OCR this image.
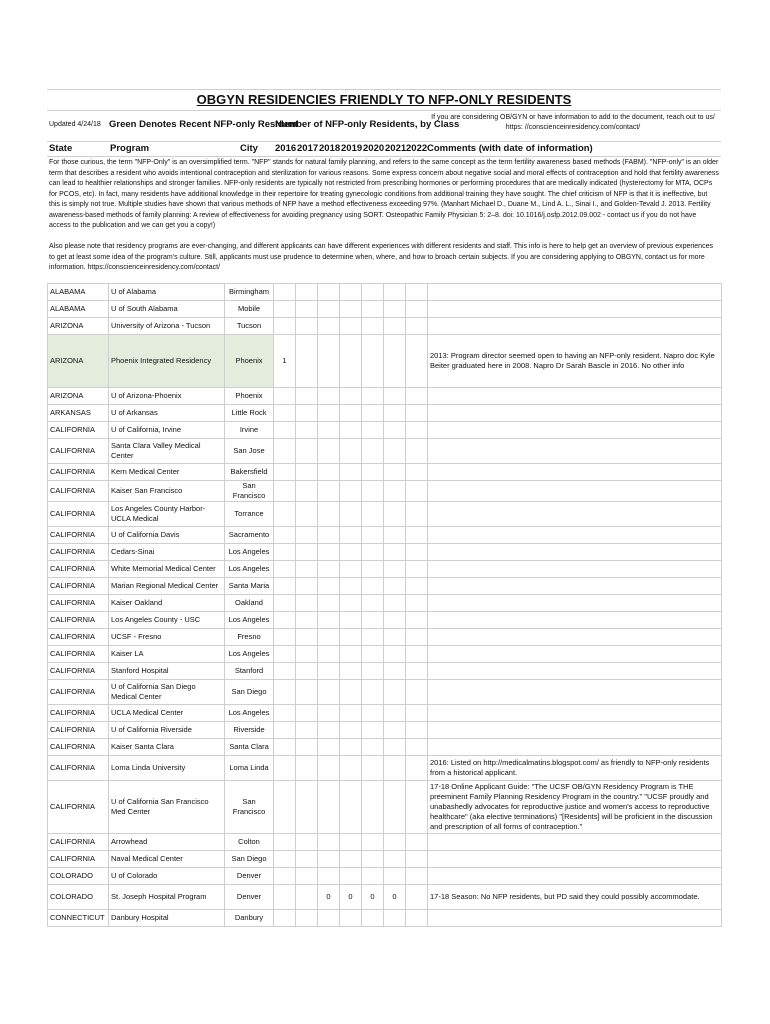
OBGYN RESIDENCIES FRIENDLY TO NFP-ONLY RESIDENTS
Updated 4/24/18 Green Denotes Recent NFP-only Resident
Number of NFP-only Residents, by Class
If you are considering OB/GYN or have information to add to the document, reach out to us/ https: //conscienceinresidency.com/contact/
State	Program	City 2016 2017 2018 2019 2020 2021 2022 Comments (with date of information)
For those curious, the term "NFP-Only" is an oversimplified term. "NFP" stands for natural family planning, and refers to the same concept as the term fertility awareness based methods (FABM). "NFP-only" is an older term that describes a resident who avoids intentional contraception and sterilization for various reasons. Some express concern about negative social and moral effects of contraception and hold that fertility awareness can lead to healthier relationships and stronger families. NFP-only residents are typically not restricted from prescribing hormones or performing procedures that are medically indicated (hysterectomy for MTA, OCPs for PCOS, etc). In fact, many residents have additional knowledge in their repertoire for treating gynecologic conditions from additional training they have sought. The chief criticism of NFP is that it is ineffective, but this is simply not true. Multiple studies have shown that various methods of NFP have a method effectiveness exceeding 97%. (Manhart Michael D., Duane M., Lind A. L., Sinai I., and Golden-Tevald J. 2013. Fertility awareness-based methods of family planning: A review of effectiveness for avoiding pregnancy using SORT. Osteopathic Family Physician 5: 2–8. doi: 10.1016/j.osfp.2012.09.002 - contact us if you do not have access to the publication and we can get you a copy!)
Also please note that residency programs are ever-changing, and different applicants can have different experiences with different residents and staff. This info is here to help get an overview of previous experiences to get at least some idea of the program's culture. Still, applicants must use prudence to determine when, where, and how to broach certain subjects. If you are considering applying to OBGYN, contact us for more information. https://conscienceinresidency.com/contact/
ALABAMA	U of Alabama	Birmingham								
ALABAMA	U of South Alabama	Mobile								
ARIZONA	University of Arizona - Tucson	Tucson								
ARIZONA	Phoenix Integrated Residency	Phoenix	1							2013: Program director seemed open to having an NFP-only resident. Napro doc Kyle Beiter graduated here in 2008. Napro Dr Sarah Bascle in 2016. No other info
ARIZONA	U of Arizona-Phoenix	Phoenix								
ARKANSAS	U of Arkansas	Little Rock								
CALIFORNIA	U of California, Irvine	Irvine								
CALIFORNIA	Santa Clara Valley Medical Center	San Jose								
CALIFORNIA	Kern Medical Center	Bakersfield								
CALIFORNIA	Kaiser San Francisco	San Francisco								
CALIFORNIA	Los Angeles County Harbor-UCLA Medical	Torrance								
CALIFORNIA	U of California Davis	Sacramento								
CALIFORNIA	Cedars-Sinai	Los Angeles								
CALIFORNIA	White Memorial Medical Center	Los Angeles								
CALIFORNIA	Marian Regional Medical Center	Santa Maria								
CALIFORNIA	Kaiser Oakland	Oakland								
CALIFORNIA	Los Angeles County - USC	Los Angeles								
CALIFORNIA	UCSF - Fresno	Fresno								
CALIFORNIA	Kaiser LA	Los Angeles								
CALIFORNIA	Stanford Hospital	Stanford								
CALIFORNIA	U of California San Diego Medical Center	San Diego								
CALIFORNIA	UCLA Medical Center	Los Angeles								
CALIFORNIA	U of California Riverside	Riverside								
CALIFORNIA	Kaiser Santa Clara	Santa Clara								
CALIFORNIA	Loma Linda University	Loma Linda								2016: Listed on http://medicalmatins.blogspot.com/ as friendly to NFP-only residents from a historical applicant.
CALIFORNIA	U of California San Francisco Med Center	San Francisco								17-18 Online Applicant Guide: "The UCSF OB/GYN Residency Program is THE preeminent Family Planning Residency Program in the country." "UCSF proudly and unabashedly advocates for reproductive justice and women's access to reproductive healthcare" (aka elective terminations) "[Residents] will be proficient in the discussion and prescription of all forms of contraception."
CALIFORNIA	Arrowhead	Colton								
CALIFORNIA	Naval Medical Center	San Diego								
COLORADO	U of Colorado	Denver								
COLORADO	St. Joseph Hospital Program	Denver			0	0	0	0		17-18 Season: No NFP residents, but PD said they could possibly accommodate.
CONNECTICUT	Danbury Hospital	Danbury								
